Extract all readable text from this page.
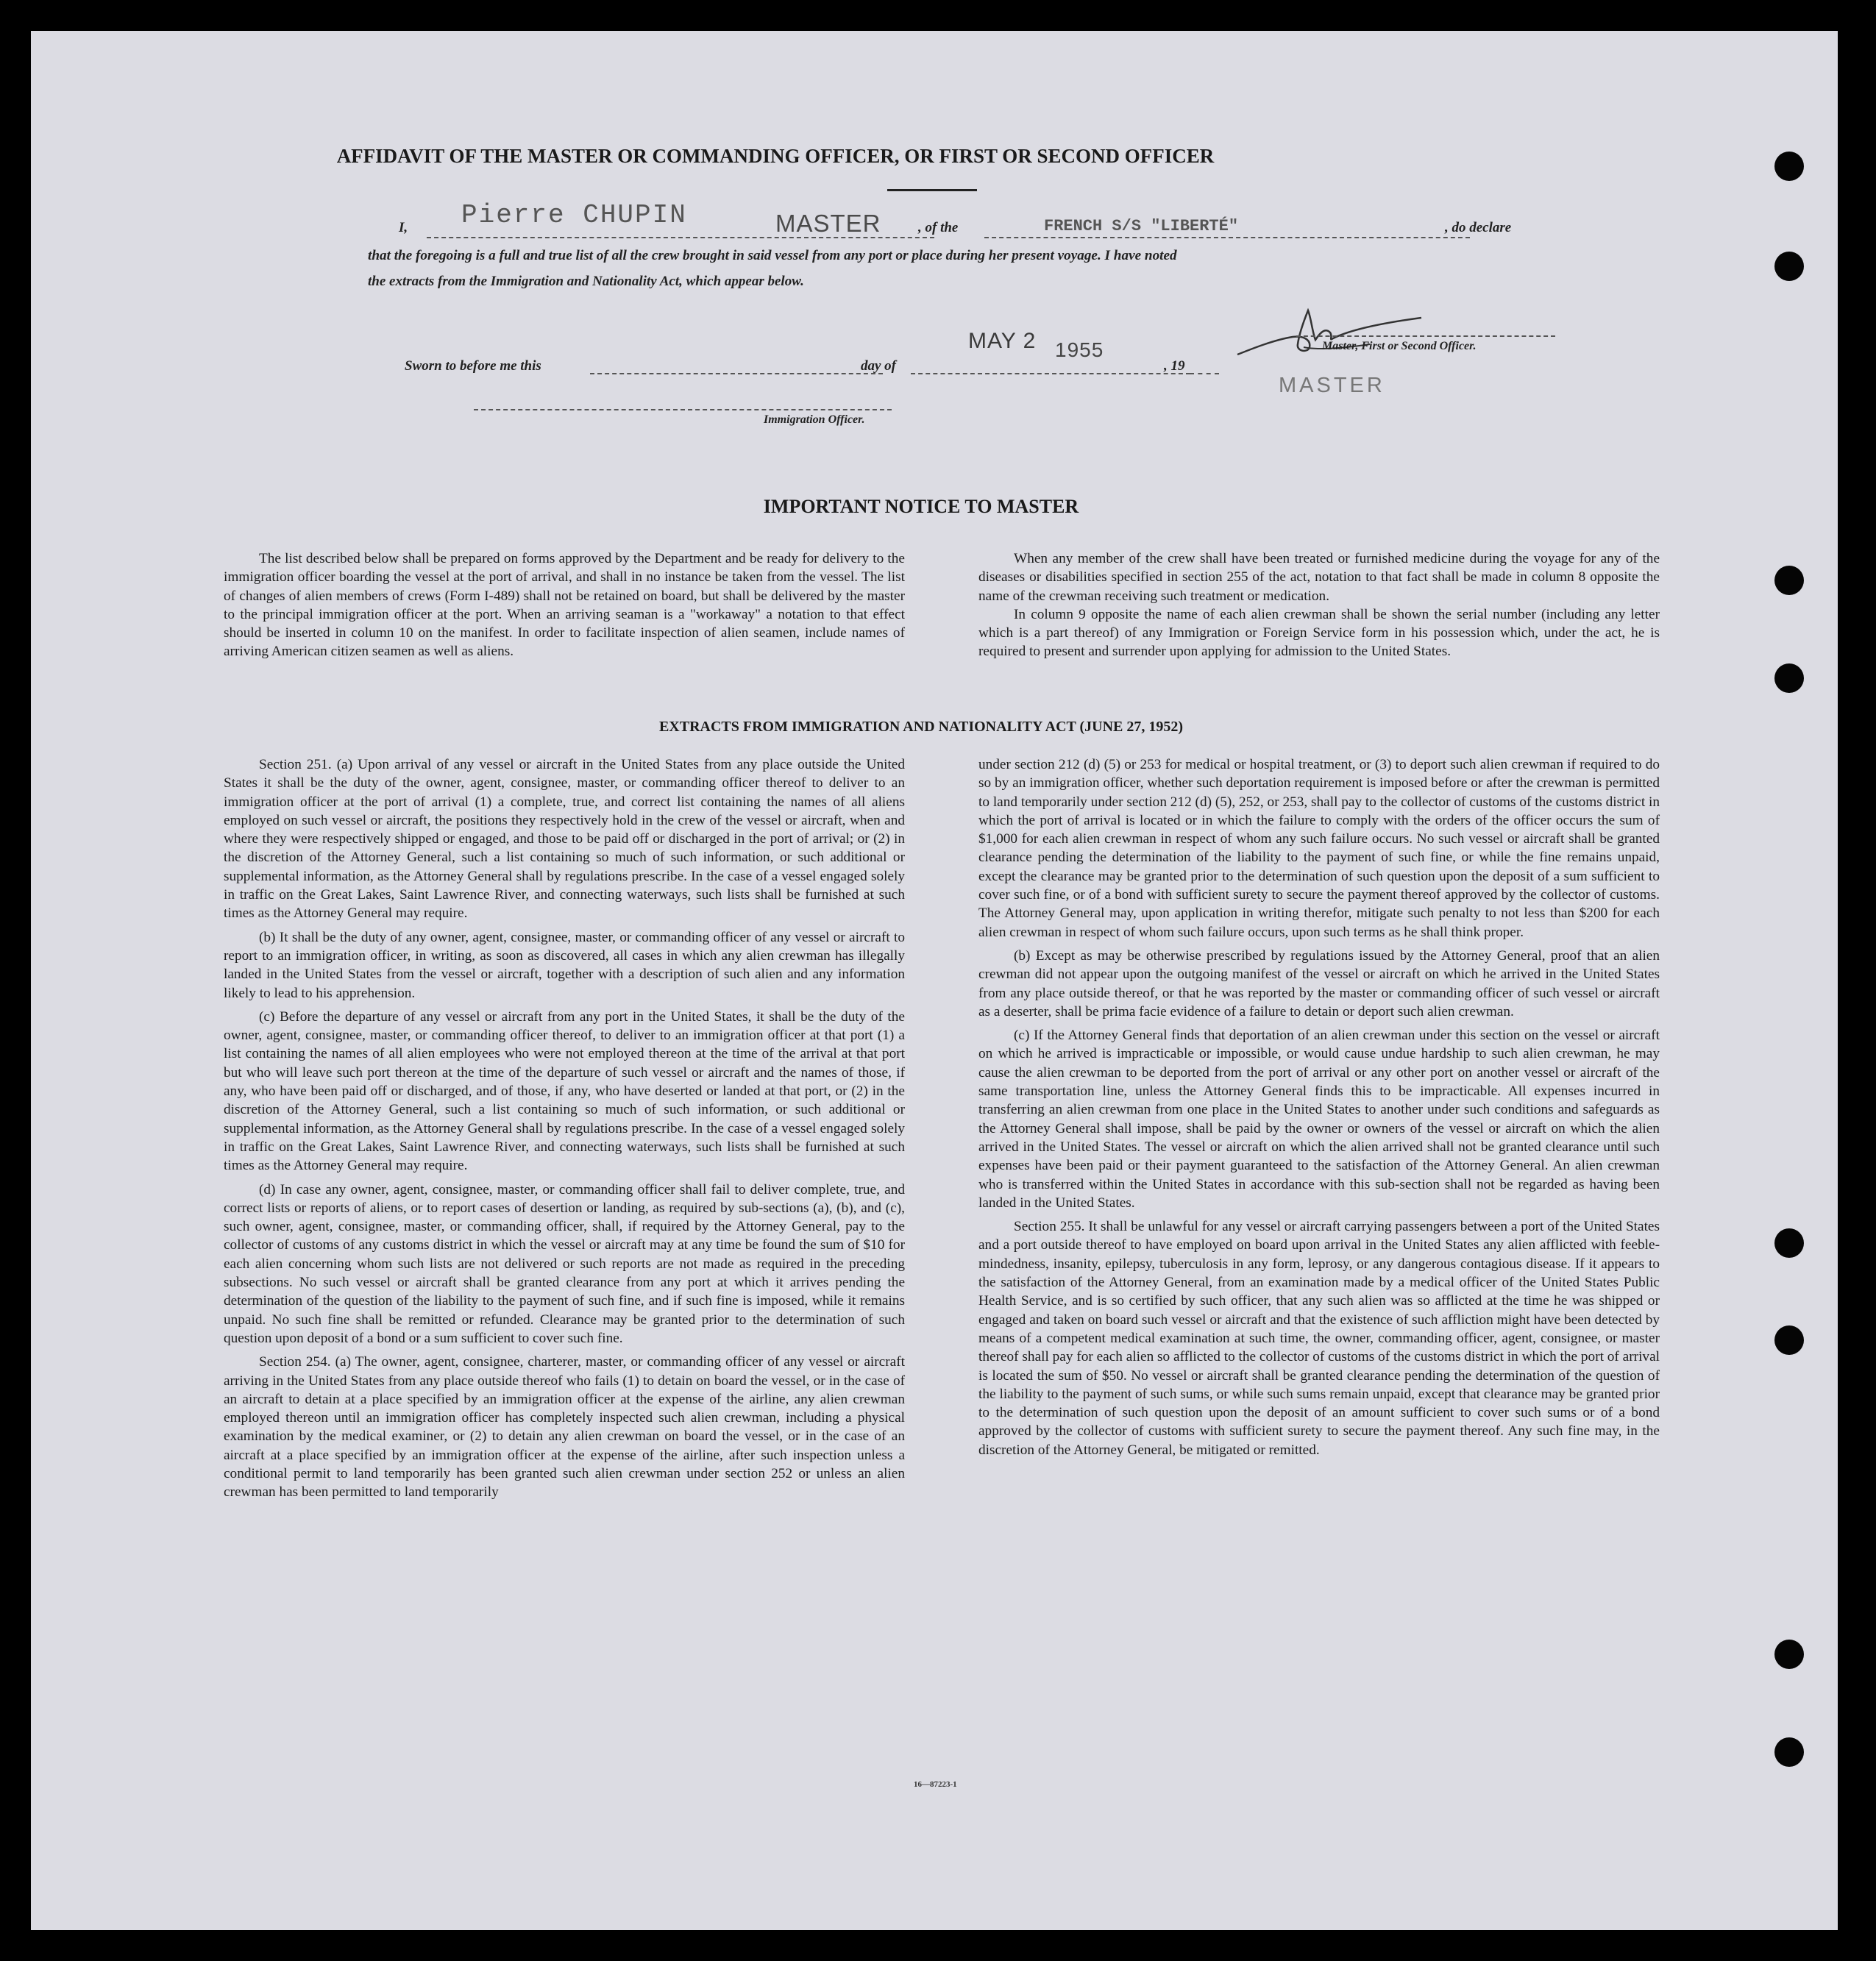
AFFIDAVIT OF THE MASTER OR COMMANDING OFFICER, OR FIRST OR SECOND OFFICER
I, Pierre CHUPIN	MASTER	, of the	FRENCH S/S "LIBERTÉ"	, do declare
that the foregoing is a full and true list of all the crew brought in said vessel from any port or place during her present voyage. I have noted
the extracts from the Immigration and Nationality Act, which appear below.
Master, First or Second Officer.
MASTER
Sworn to before me this	day of
MAY 2 1955
, 19
Immigration Officer.
IMPORTANT NOTICE TO MASTER

The list described below shall be prepared on forms approved by the Department and be ready for delivery to the immigration officer boarding the vessel at the port of arrival, and shall in no instance be taken from the vessel. The list of changes of alien members of crews (Form I-489) shall not be retained on board, but shall be delivered by the master to the principal immigration officer at the port. When an arriving seaman is a "workaway" a notation to that effect should be inserted in column 10 on the manifest. In order to facilitate inspection of alien seamen, include names of arriving American citizen seamen as well as aliens.

When any member of the crew shall have been treated or furnished medicine during the voyage for any of the diseases or disabilities specified in section 255 of the act, notation to that fact shall be made in column 8 opposite the name of the crewman receiving such treatment or medication.

In column 9 opposite the name of each alien crewman shall be shown the serial number (including any letter which is a part thereof) of any Immigration or Foreign Service form in his possession which, under the act, he is required to present and surrender upon applying for admission to the United States.

EXTRACTS FROM IMMIGRATION AND NATIONALITY ACT (JUNE 27, 1952)

Section 251. (a) Upon arrival of any vessel or aircraft in the United States from any place outside the United States it shall be the duty of the owner, agent, consignee, master, or commanding officer thereof to deliver to an immigration officer at the port of arrival (1) a complete, true, and correct list containing the names of all aliens employed on such vessel or aircraft, the positions they respectively hold in the crew of the vessel or aircraft, when and where they were respectively shipped or engaged, and those to be paid off or discharged in the port of arrival; or (2) in the discretion of the Attorney General, such a list containing so much of such information, or such additional or supplemental information, as the Attorney General shall by regulations prescribe. In the case of a vessel engaged solely in traffic on the Great Lakes, Saint Lawrence River, and connecting waterways, such lists shall be furnished at such times as the Attorney General may require.

(b) It shall be the duty of any owner, agent, consignee, master, or commanding officer of any vessel or aircraft to report to an immigration officer, in writing, as soon as discovered, all cases in which any alien crewman has illegally landed in the United States from the vessel or aircraft, together with a description of such alien and any information likely to lead to his apprehension.

(c) Before the departure of any vessel or aircraft from any port in the United States, it shall be the duty of the owner, agent, consignee, master, or commanding officer thereof, to deliver to an immigration officer at that port (1) a list containing the names of all alien employees who were not employed thereon at the time of the arrival at that port but who will leave such port thereon at the time of the departure of such vessel or aircraft and the names of those, if any, who have been paid off or discharged, and of those, if any, who have deserted or landed at that port, or (2) in the discretion of the Attorney General, such a list containing so much of such information, or such additional or supplemental information, as the Attorney General shall by regulations prescribe. In the case of a vessel engaged solely in traffic on the Great Lakes, Saint Lawrence River, and connecting waterways, such lists shall be furnished at such times as the Attorney General may require.

(d) In case any owner, agent, consignee, master, or commanding officer shall fail to deliver complete, true, and correct lists or reports of aliens, or to report cases of desertion or landing, as required by sub-sections (a), (b), and (c), such owner, agent, consignee, master, or commanding officer, shall, if required by the Attorney General, pay to the collector of customs of any customs district in which the vessel or aircraft may at any time be found the sum of $10 for each alien concerning whom such lists are not delivered or such reports are not made as required in the preceding subsections. No such vessel or aircraft shall be granted clearance from any port at which it arrives pending the determination of the question of the liability to the payment of such fine, and if such fine is imposed, while it remains unpaid. No such fine shall be remitted or refunded. Clearance may be granted prior to the determination of such question upon deposit of a bond or a sum sufficient to cover such fine.

Section 254. (a) The owner, agent, consignee, charterer, master, or commanding officer of any vessel or aircraft arriving in the United States from any place outside thereof who fails (1) to detain on board the vessel, or in the case of an aircraft to detain at a place specified by an immigration officer at the expense of the airline, any alien crewman employed thereon until an immigration officer has completely inspected such alien crewman, including a physical examination by the medical examiner, or (2) to detain any alien crewman on board the vessel, or in the case of an aircraft at a place specified by an immigration officer at the expense of the airline, after such inspection unless a conditional permit to land temporarily has been granted such alien crewman under section 252 or unless an alien crewman has been permitted to land temporarily

under section 212 (d) (5) or 253 for medical or hospital treatment, or (3) to deport such alien crewman if required to do so by an immigration officer, whether such deportation requirement is imposed before or after the crewman is permitted to land temporarily under section 212 (d) (5), 252, or 253, shall pay to the collector of customs of the customs district in which the port of arrival is located or in which the failure to comply with the orders of the officer occurs the sum of $1,000 for each alien crewman in respect of whom any such failure occurs. No such vessel or aircraft shall be granted clearance pending the determination of the liability to the payment of such fine, or while the fine remains unpaid, except the clearance may be granted prior to the determination of such question upon the deposit of a sum sufficient to cover such fine, or of a bond with sufficient surety to secure the payment thereof approved by the collector of customs. The Attorney General may, upon application in writing therefor, mitigate such penalty to not less than $200 for each alien crewman in respect of whom such failure occurs, upon such terms as he shall think proper.

(b) Except as may be otherwise prescribed by regulations issued by the Attorney General, proof that an alien crewman did not appear upon the outgoing manifest of the vessel or aircraft on which he arrived in the United States from any place outside thereof, or that he was reported by the master or commanding officer of such vessel or aircraft as a deserter, shall be prima facie evidence of a failure to detain or deport such alien crewman.

(c) If the Attorney General finds that deportation of an alien crewman under this section on the vessel or aircraft on which he arrived is impracticable or impossible, or would cause undue hardship to such alien crewman, he may cause the alien crewman to be deported from the port of arrival or any other port on another vessel or aircraft of the same transportation line, unless the Attorney General finds this to be impracticable. All expenses incurred in transferring an alien crewman from one place in the United States to another under such conditions and safeguards as the Attorney General shall impose, shall be paid by the owner or owners of the vessel or aircraft on which the alien arrived in the United States. The vessel or aircraft on which the alien arrived shall not be granted clearance until such expenses have been paid or their payment guaranteed to the satisfaction of the Attorney General. An alien crewman who is transferred within the United States in accordance with this sub-section shall not be regarded as having been landed in the United States.

Section 255. It shall be unlawful for any vessel or aircraft carrying passengers between a port of the United States and a port outside thereof to have employed on board upon arrival in the United States any alien afflicted with feeble-mindedness, insanity, epilepsy, tuberculosis in any form, leprosy, or any dangerous contagious disease. If it appears to the satisfaction of the Attorney General, from an examination made by a medical officer of the United States Public Health Service, and is so certified by such officer, that any such alien was so afflicted at the time he was shipped or engaged and taken on board such vessel or aircraft and that the existence of such affliction might have been detected by means of a competent medical examination at such time, the owner, commanding officer, agent, consignee, or master thereof shall pay for each alien so afflicted to the collector of customs of the customs district in which the port of arrival is located the sum of $50. No vessel or aircraft shall be granted clearance pending the determination of the question of the liability to the payment of such sums, or while such sums remain unpaid, except that clearance may be granted prior to the determination of such question upon the deposit of an amount sufficient to cover such sums or of a bond approved by the collector of customs with sufficient surety to secure the payment thereof. Any such fine may, in the discretion of the Attorney General, be mitigated or remitted.

16—87223-1
